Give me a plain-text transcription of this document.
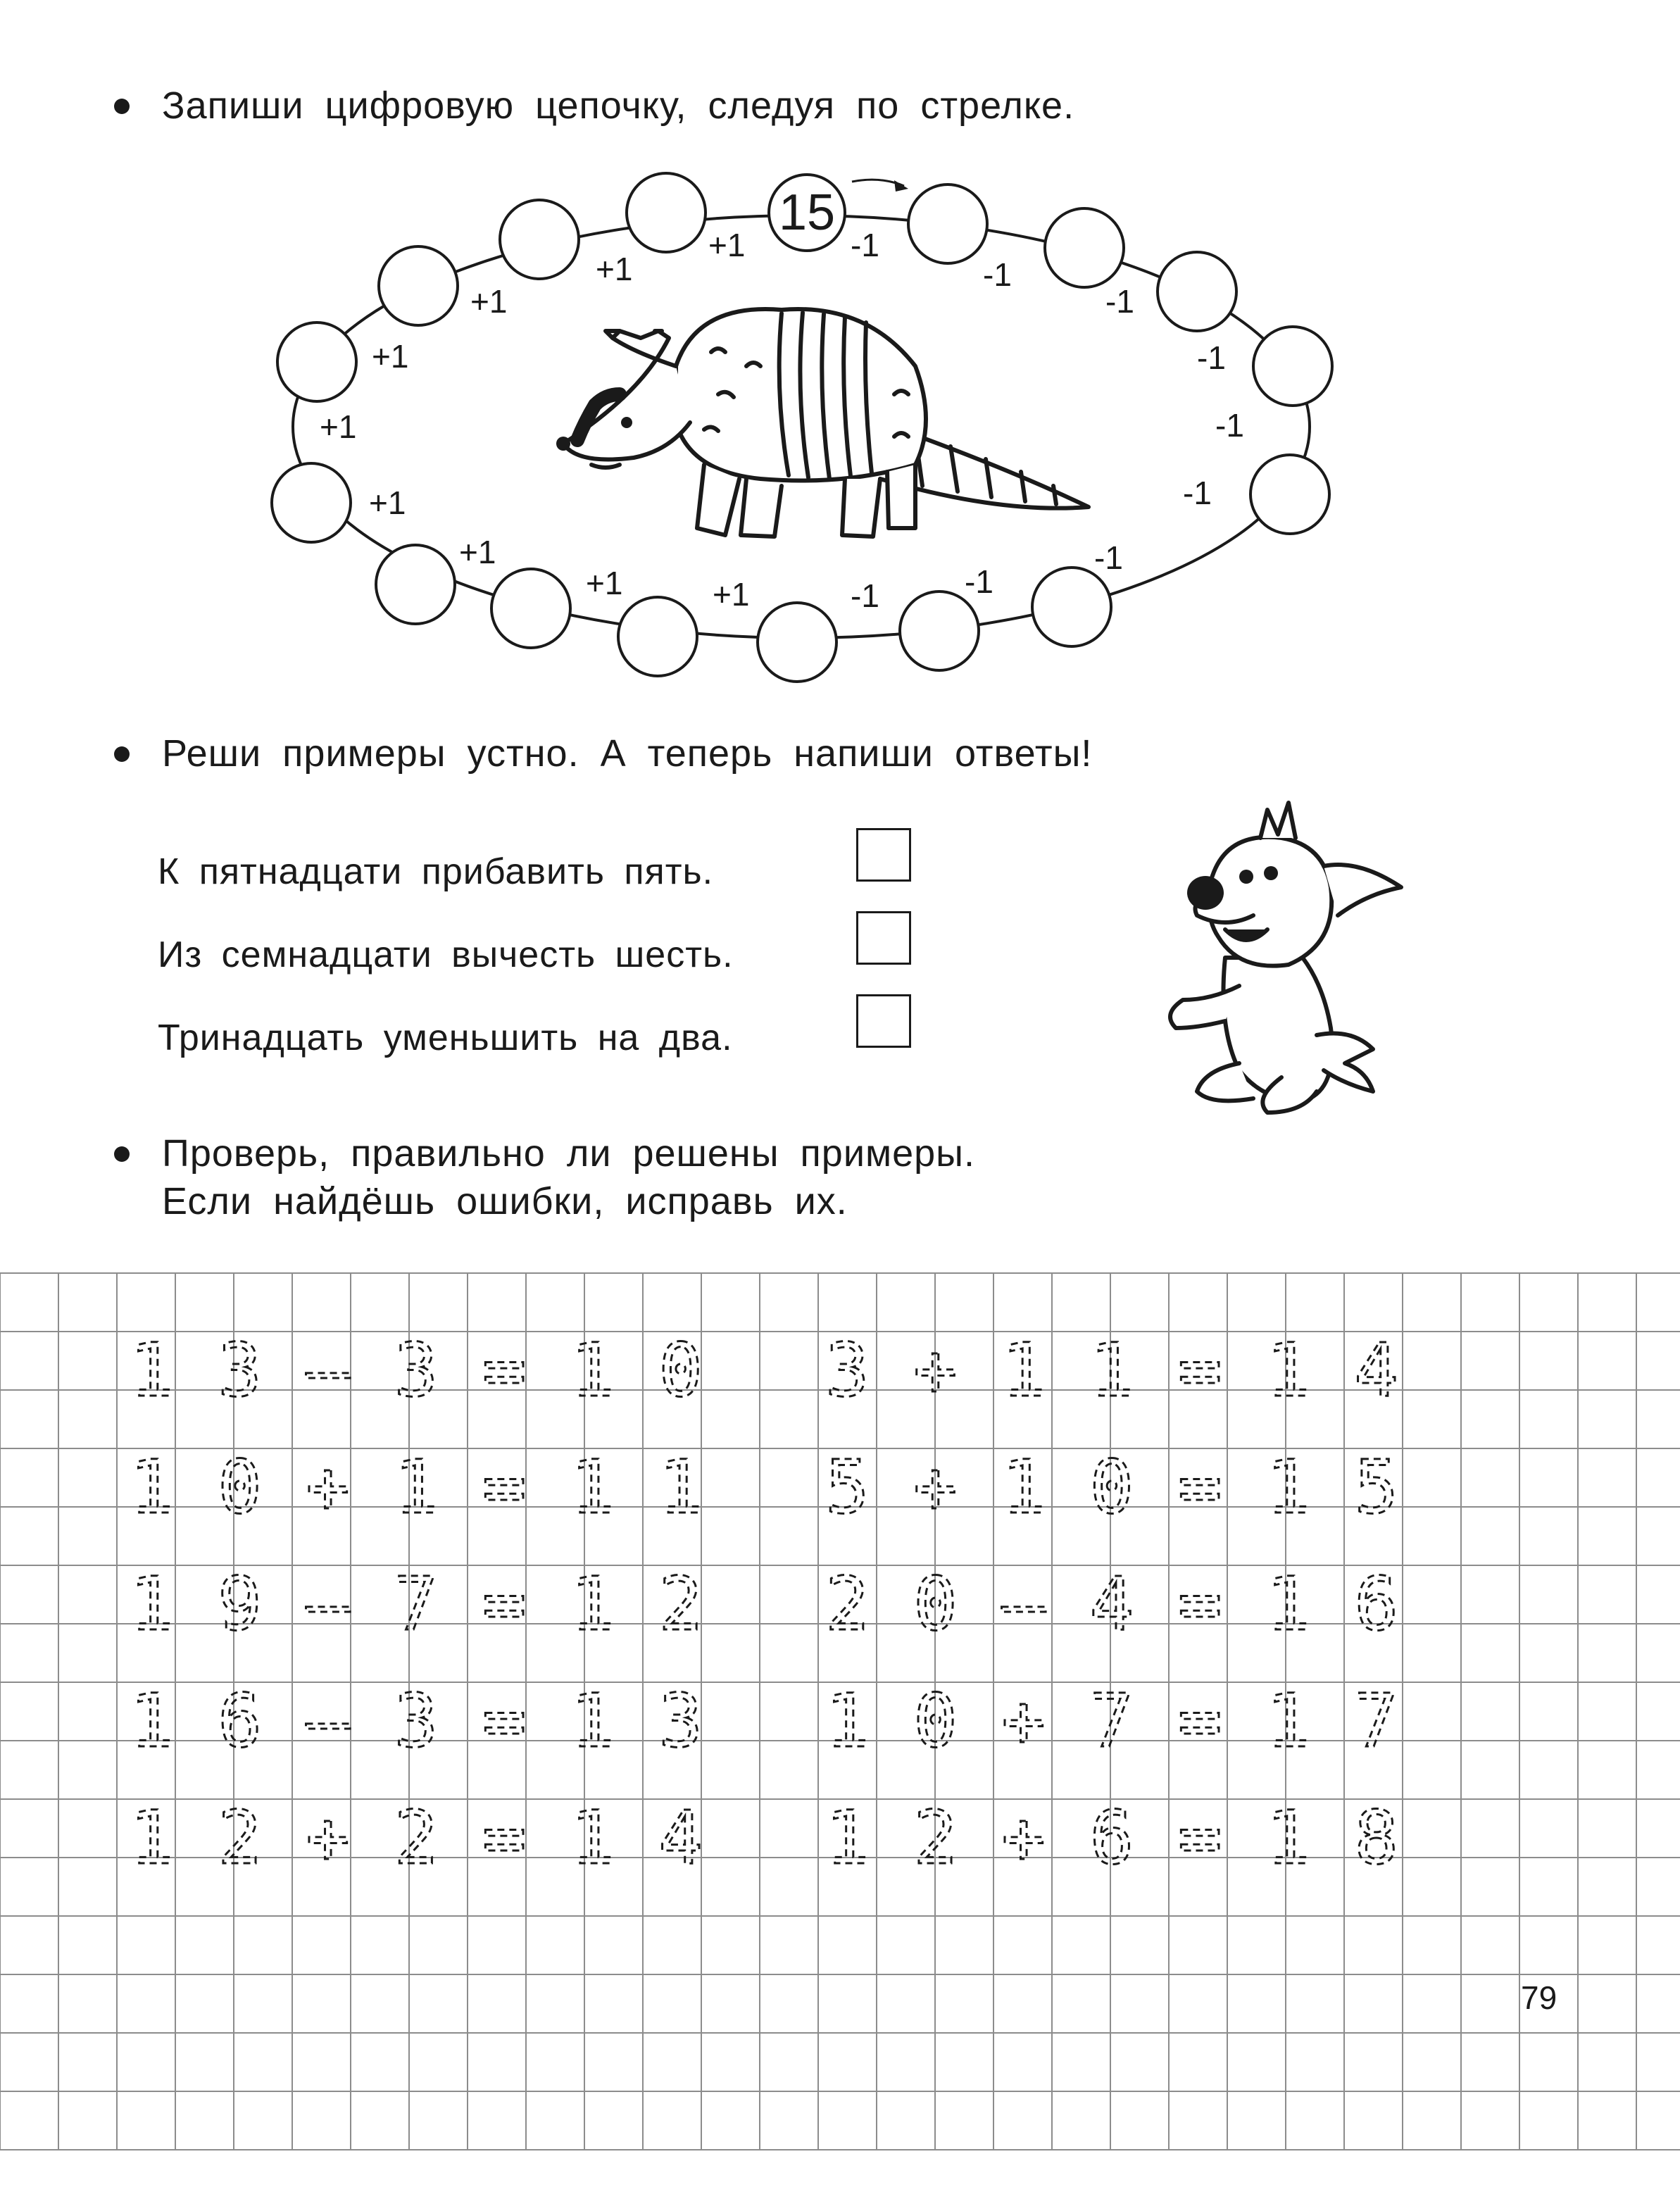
Запиши цифровую цепочку, следуя по стрелке.
15
-1
-1
-1
-1
-1
-1
-1
-1
-1
+1
+1
+1
+1
+1
+1
+1
+1
+1
Реши примеры устно. А теперь напиши ответы!
К пятнадцати прибавить пять.
Из семнадцати вычесть шесть.
Тринадцать уменьшить на два.
Проверь, правильно ли решены примеры.
Если найдёшь ошибки, исправь их.
1 3 – 3 = 1 0
1 0 + 1 = 1 1
1 9 – 7 = 1 2
1 6 – 3 = 1 3
1 2 + 2 = 1 4
3 + 1 1 = 1 4
5 + 1 0 = 1 5
2 0 – 4 = 1 6
1 0 + 7 = 1 7
1 2 + 6 = 1 8
79
